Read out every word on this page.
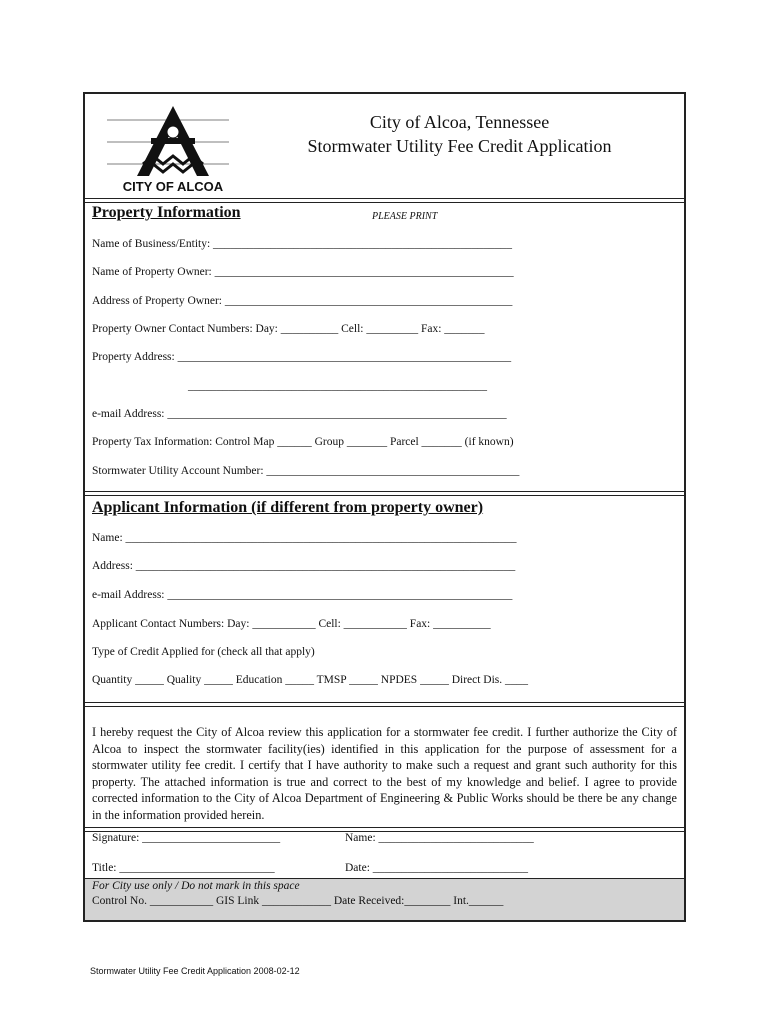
CITY OF ALCOA
City of Alcoa, Tennessee
Stormwater Utility Fee Credit Application
Property Information	PLEASE PRINT
Name of Business/Entity: ____________________________________________________
Name of Property Owner: ____________________________________________________
Address of Property Owner: __________________________________________________
Property Owner Contact Numbers: Day: __________ Cell: _________ Fax: _______
Property Address: __________________________________________________________
____________________________________________________
e-mail Address: ___________________________________________________________
Property Tax Information: Control Map ______ Group _______ Parcel _______ (if known)
Stormwater Utility Account Number: ____________________________________________
Applicant Information (if different from property owner)
Name: ____________________________________________________________________
Address: __________________________________________________________________
e-mail Address: ____________________________________________________________
Applicant Contact Numbers: Day: ___________ Cell: ___________ Fax: __________
Type of Credit Applied for (check all that apply)
Quantity _____ Quality _____ Education _____ TMSP _____ NPDES _____ Direct Dis. ____
I hereby request the City of Alcoa review this application for a stormwater fee credit. I further authorize the City of Alcoa to inspect the stormwater facility(ies) identified in this application for the purpose of assessment for a stormwater utility fee credit. I certify that I have authority to make such a request and grant such authority for this property. The attached information is true and correct to the best of my knowledge and belief. I agree to provide corrected information to the City of Alcoa Department of Engineering & Public Works should be there be any change in the information provided herein.
Signature: ________________________	Name: ___________________________
Title: ___________________________	Date: ___________________________
For City use only / Do not mark in this space
Control No. ___________ GIS Link ____________ Date Received:________ Int.______
Stormwater Utility Fee Credit Application 2008-02-12
